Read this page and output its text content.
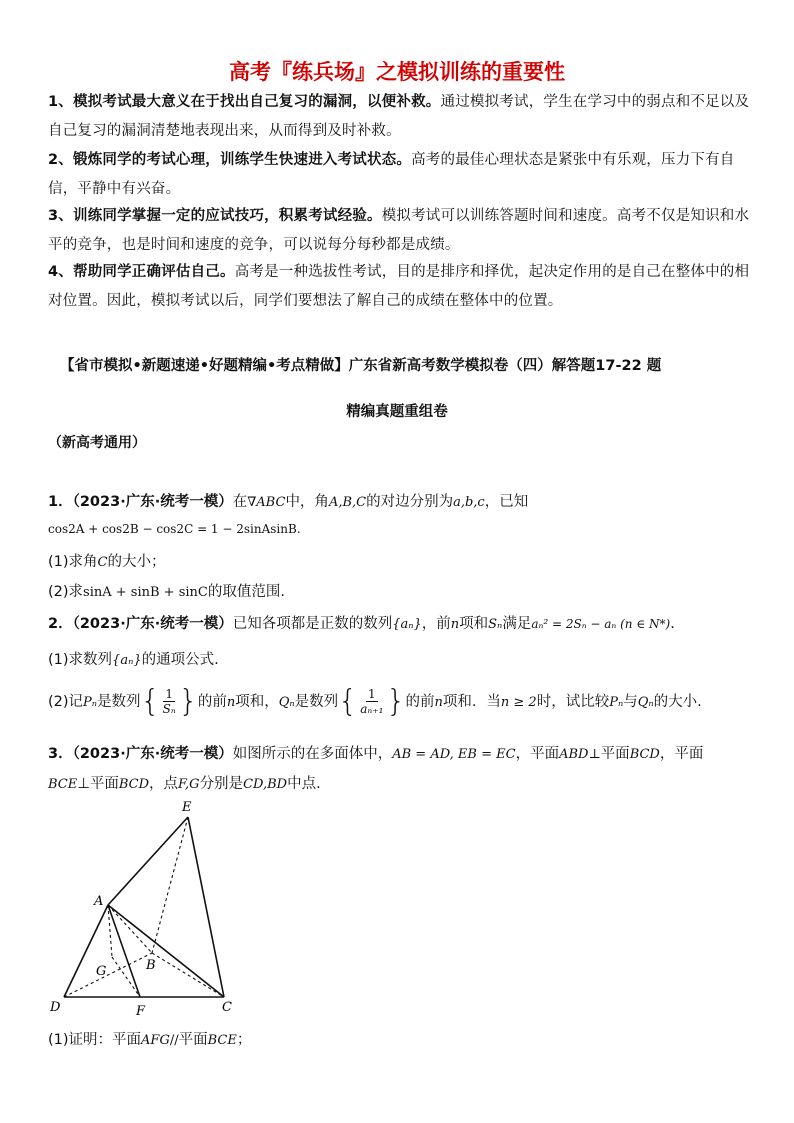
高考『练兵场』之模拟训练的重要性
1、模拟考试最大意义在于找出自己复习的漏洞，以便补救。通过模拟考试，学生在学习中的弱点和不足以及自己复习的漏洞清楚地表现出来，从而得到及时补救。
2、锻炼同学的考试心理，训练学生快速进入考试状态。高考的最佳心理状态是紧张中有乐观，压力下有自信，平静中有兴奋。
3、训练同学掌握一定的应试技巧，积累考试经验。模拟考试可以训练答题时间和速度。高考不仅是知识和水平的竞争，也是时间和速度的竞争，可以说每分每秒都是成绩。
4、帮助同学正确评估自己。高考是一种选拔性考试，目的是排序和择优，起决定作用的是自己在整体中的相对位置。因此，模拟考试以后，同学们要想法了解自己的成绩在整体中的位置。
【省市模拟•新题速递•好题精编•考点精做】广东省新高考数学模拟卷（四）解答题17-22 题
精编真题重组卷
（新高考通用）
1．（2023·广东·统考一模）在∇ABC中，角A,B,C的对边分别为a,b,c，已知
cos2A + cos2B − cos2C = 1 − 2sinAsinB.
(1)求角C的大小；
(2)求sinA + sinB + sinC的取值范围.
2．（2023·广东·统考一模）已知各项都是正数的数列{aₙ}，前n项和Sₙ满足aₙ² = 2Sₙ − aₙ (n ∈ N*).
(1)求数列{aₙ}的通项公式.
(2)记Pₙ是数列{ $\frac{1}{\text{Sₙ}}$ }的前n项和，Qₙ是数列{ $\frac{1}{\text{aₙ₊₁}}$ }的前n项和．当n ≥ 2时，试比较Pₙ与Qₙ的大小.
3．（2023·广东·统考一模）如图所示的在多面体中，AB = AD, EB = EC，平面ABD⊥平面BCD，平面
BCE⊥平面BCD，点F,G分别是CD,BD中点.
E
A
B
G
D	F	C
(1)证明：平面AFG//平面BCE；
